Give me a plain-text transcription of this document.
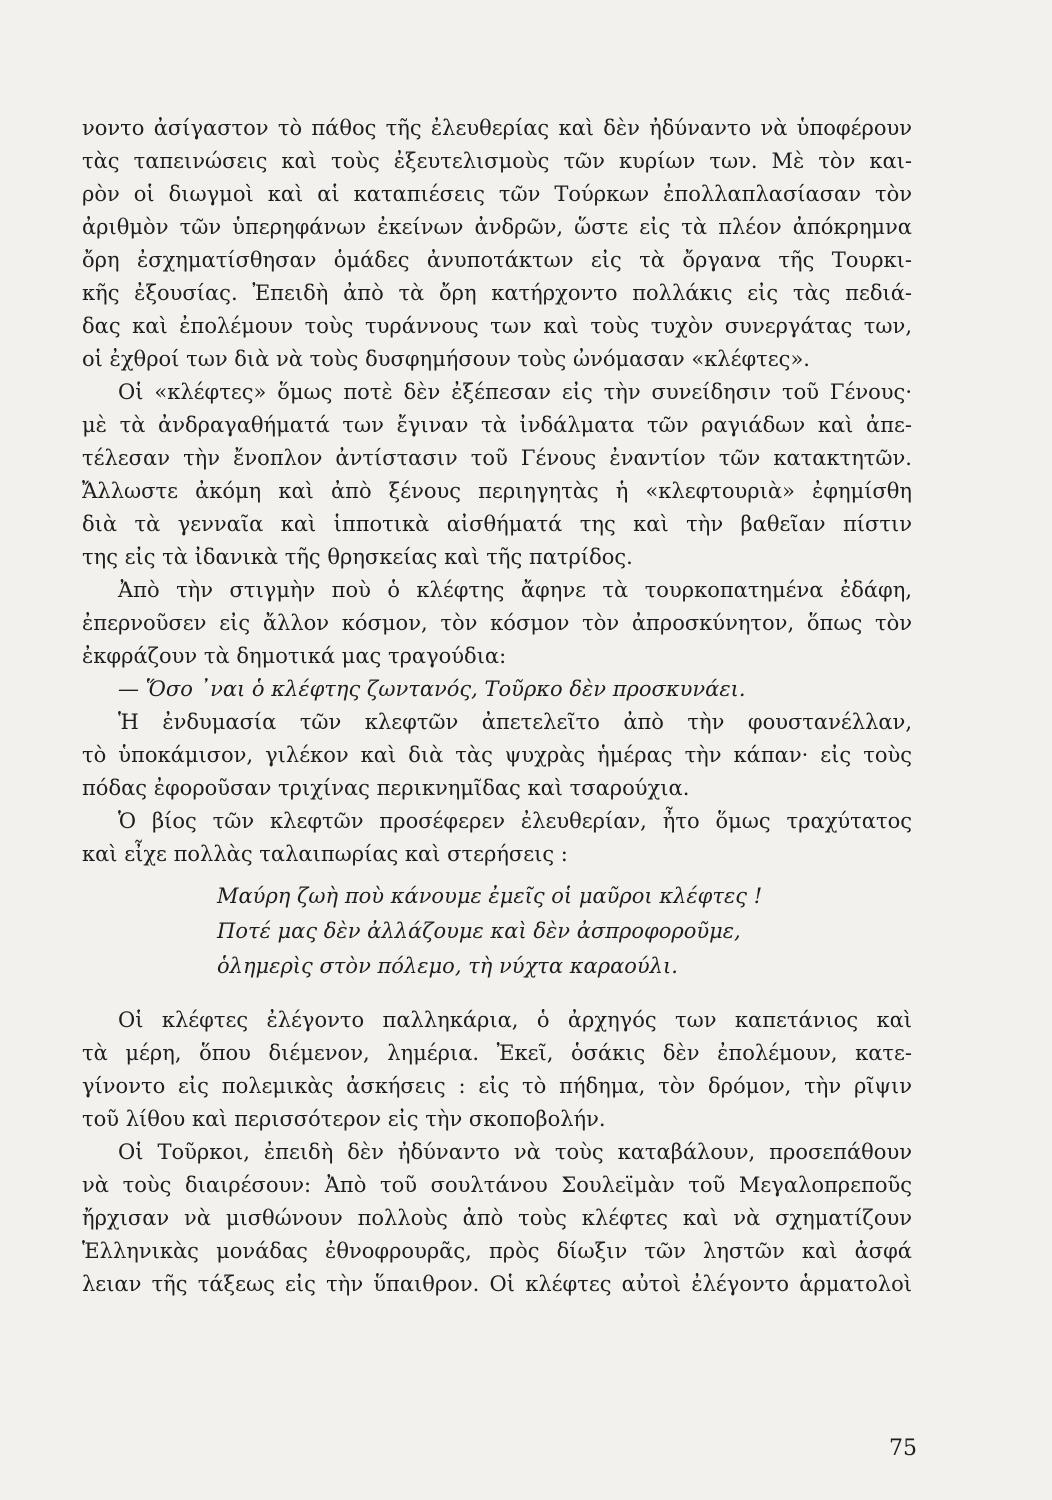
νοντο ἀσίγαστον τὸ πάθος τῆς ἐλευθερίας καὶ δὲν ἠδύναντο νὰ ὑποφέρουν
τὰς ταπεινώσεις καὶ τοὺς ἐξευτελισμοὺς τῶν κυρίων των. Μὲ τὸν και-
ρὸν οἱ διωγμοὶ καὶ αἱ καταπιέσεις τῶν Τούρκων ἐπολλαπλασίασαν τὸν
ἀριθμὸν τῶν ὑπερηφάνων ἐκείνων ἀνδρῶν, ὥστε εἰς τὰ πλέον ἀπόκρημνα
ὄρη ἐσχηματίσθησαν ὁμάδες ἀνυποτάκτων εἰς τὰ ὄργανα τῆς Τουρκι-
κῆς ἐξουσίας. Ἐπειδὴ ἀπὸ τὰ ὄρη κατήρχοντο πολλάκις εἰς τὰς πεδιά-
δας καὶ ἐπολέμουν τοὺς τυράννους των καὶ τοὺς τυχὸν συνεργάτας των,
οἱ ἐχθροί των διὰ νὰ τοὺς δυσφημήσουν τοὺς ὠνόμασαν «κλέφτες».
Οἱ «κλέφτες» ὅμως ποτὲ δὲν ἐξέπεσαν εἰς τὴν συνείδησιν τοῦ Γένους·
μὲ τὰ ἀνδραγαθήματά των ἔγιναν τὰ ἰνδάλματα τῶν ραγιάδων καὶ ἀπε-
τέλεσαν τὴν ἔνοπλον ἀντίστασιν τοῦ Γένους ἐναντίον τῶν κατακτητῶν.
Ἄλλωστε ἀκόμη καὶ ἀπὸ ξένους περιηγητὰς ἡ «κλεφτουριὰ» ἐφημίσθη
διὰ τὰ γενναῖα καὶ ἱπποτικὰ αἰσθήματά της καὶ τὴν βαθεῖαν πίστιν
της εἰς τὰ ἰδανικὰ τῆς θρησκείας καὶ τῆς πατρίδος.
Ἀπὸ τὴν στιγμὴν ποὺ ὁ κλέφτης ἄφηνε τὰ τουρκοπατημένα ἐδάφη,
ἐπερνοῦσεν εἰς ἄλλον κόσμον, τὸν κόσμον τὸν ἀπροσκύνητον, ὅπως τὸν
ἐκφράζουν τὰ δημοτικά μας τραγούδια:
— Ὅσο ᾿ναι ὁ κλέφτης ζωντανός, Τοῦρκο δὲν προσκυνάει.
Ἡ ἐνδυμασία τῶν κλεφτῶν ἀπετελεῖτο ἀπὸ τὴν φουστανέλλαν,
τὸ ὑποκάμισον, γιλέκον καὶ διὰ τὰς ψυχρὰς ἡμέρας τὴν κάπαν· εἰς τοὺς
πόδας ἐφοροῦσαν τριχίνας περικνημῖδας καὶ τσαρούχια.
Ὁ βίος τῶν κλεφτῶν προσέφερεν ἐλευθερίαν, ἦτο ὅμως τραχύτατος
καὶ εἶχε πολλὰς ταλαιπωρίας καὶ στερήσεις :
Μαύρη ζωὴ ποὺ κάνουμε ἐμεῖς οἱ μαῦροι κλέφτες !
Ποτέ μας δὲν ἀλλάζουμε καὶ δὲν ἀσπροφοροῦμε,
ὁλημερὶς στὸν πόλεμο, τὴ νύχτα καραούλι.
Οἱ κλέφτες ἐλέγοντο παλληκάρια, ὁ ἀρχηγός των καπετάνιος καὶ
τὰ μέρη, ὅπου διέμενον, λημέρια. Ἐκεῖ, ὁσάκις δὲν ἐπολέμουν, κατε-
γίνοντο εἰς πολεμικὰς ἀσκήσεις : εἰς τὸ πήδημα, τὸν δρόμον, τὴν ρῖψιν
τοῦ λίθου καὶ περισσότερον εἰς τὴν σκοποβολήν.
Οἱ Τοῦρκοι, ἐπειδὴ δὲν ἠδύναντο νὰ τοὺς καταβάλουν, προσεπάθουν
νὰ τοὺς διαιρέσουν: Ἀπὸ τοῦ σουλτάνου Σουλεϊμὰν τοῦ Μεγαλοπρεποῦς
ἤρχισαν νὰ μισθώνουν πολλοὺς ἀπὸ τοὺς κλέφτες καὶ νὰ σχηματίζουν
Ἑλληνικὰς μονάδας ἐθνοφρουρᾶς, πρὸς δίωξιν τῶν ληστῶν καὶ ἀσφά
λειαν τῆς τάξεως εἰς τὴν ὕπαιθρον. Οἱ κλέφτες αὐτοὶ ἐλέγοντο ἁρματολοὶ
75
